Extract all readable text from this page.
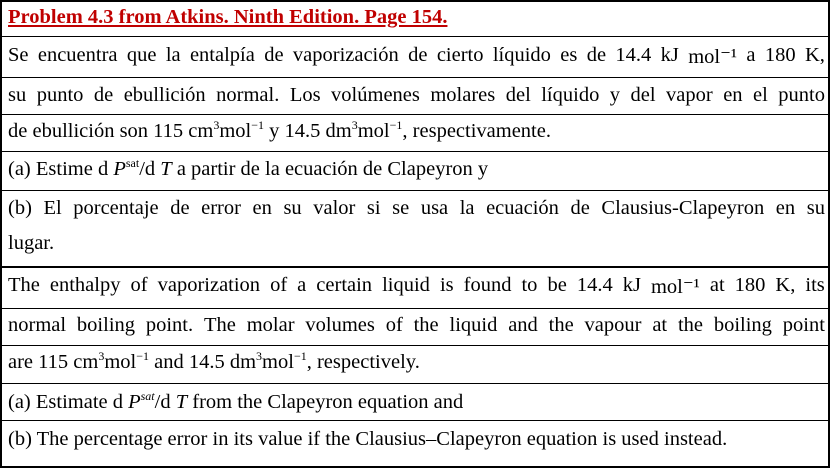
Problem 4.3 from Atkins. Ninth Edition. Page 154.
Se encuentra que la entalpía de vaporización de cierto líquido es de 14.4 kJ mol⁻¹ a 180 K,
su punto de ebullición normal. Los volúmenes molares del líquido y del vapor en el punto
de ebullición son 115 $cm^3mol^{-1}$ y 14.5 $dm^3mol^{-1}$, respectivamente.
(a) Estime d $P^{sat}/d$ T a partir de la ecuación de Clapeyron y
(b) El porcentaje de error en su valor si se usa la ecuación de Clausius-Clapeyron en su
lugar.
The enthalpy of vaporization of a certain liquid is found to be 14.4 kJ mol⁻¹ at 180 K, its
normal boiling point. The molar volumes of the liquid and the vapour at the boiling point
are 115 $cm^3mol^{-1}$ and 14.5 $dm^3mol^{-1}$, respectively.
(a) Estimate d $P^{sat}/d$ T from the Clapeyron equation and
(b) The percentage error in its value if the Clausius–Clapeyron equation is used instead.
